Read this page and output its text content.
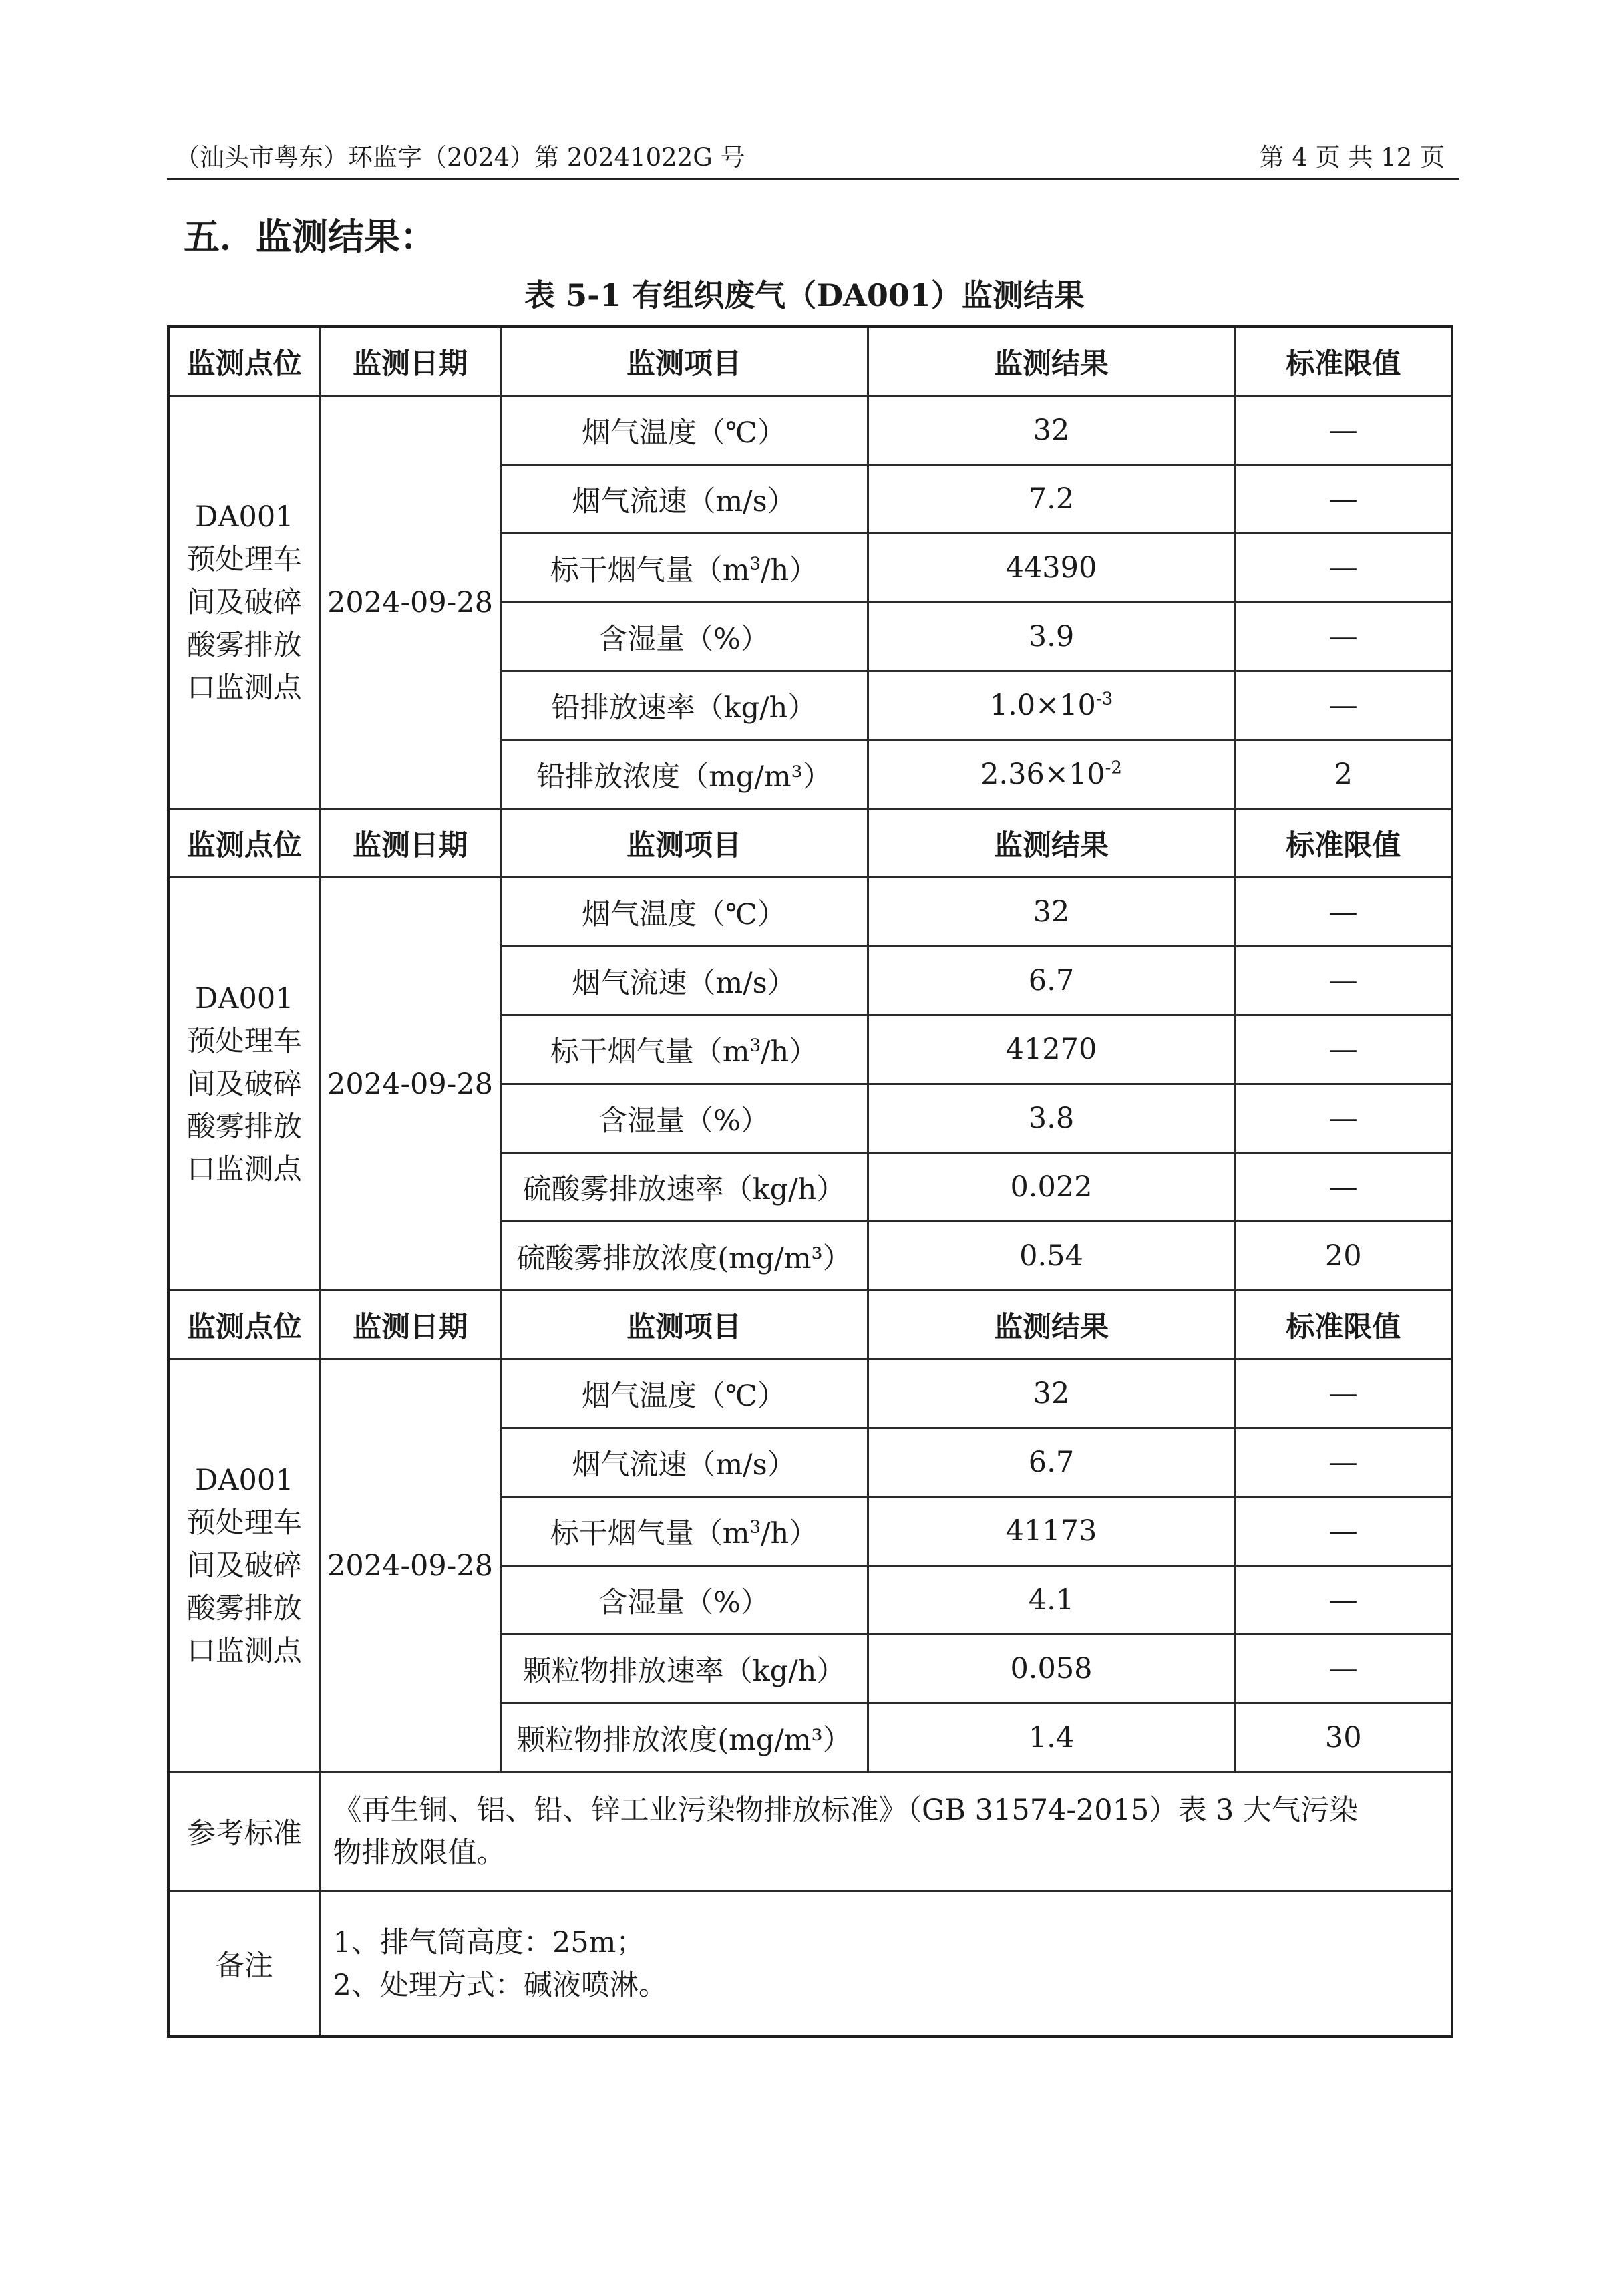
（汕头市粤东）环监字（2024）第 20241022G 号	第 4 页 共 12 页
五．监测结果：
表 5-1 有组织废气（DA001）监测结果
监测点位	监测日期	监测项目	监测结果	标准限值

DA001
预处理车
间及破碎
酸雾排放
口监测点	2024-09-28	烟气温度（℃）	32	—
		烟气流速（m/s）	7.2	—
		标干烟气量$(m^3/h)$	44390	—
		含湿量（%）	3.9	—
		铅排放速率（kg/h）	$1.0\times 10^{-3}$	—
		铅排放浓度（mg/m³）	$2.36\times 10^{-2}$	2
监测点位	监测日期	监测项目	监测结果	标准限值

DA001
预处理车
间及破碎
酸雾排放
口监测点	2024-09-28	烟气温度（℃）	32	—
		烟气流速（m/s）	6.7	—
		标干烟气量$(m^3/h)$	41270	—
		含湿量（%）	3.8	—
		硫酸雾排放速率（kg/h）	0.022	—
		硫酸雾排放浓度(mg/m³）	0.54	20
监测点位	监测日期	监测项目	监测结果	标准限值

DA001
预处理车
间及破碎
酸雾排放
口监测点	2024-09-28	烟气温度（℃）	32	—
		烟气流速（m/s）	6.7	—
		标干烟气量$(m^3/h)$	41173	—
		含湿量（%）	4.1	—
		颗粒物排放速率（kg/h）	0.058	—
		颗粒物排放浓度(mg/m³）	1.4	30
参考标准	《再生铜、铝、铅、锌工业污染物排放标准》（GB 31574-2015）表 3 大气污染
物排放限值。			

备注	1、排气筒高度：25m；
2、处理方式：碱液喷淋。			
